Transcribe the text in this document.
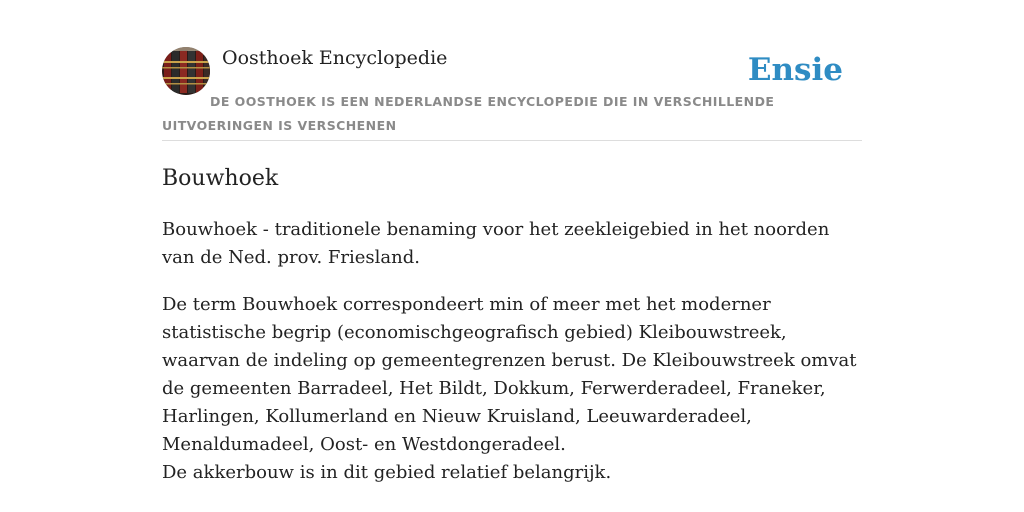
Oosthoek Encyclopedie	Ensie
DE OOSTHOEK IS EEN NEDERLANDSE ENCYCLOPEDIE DIE IN VERSCHILLENDE UITVOERINGEN IS VERSCHENEN
Bouwhoek

Bouwhoek - traditionele benaming voor het zeekleigebied in het noorden van de Ned. prov. Friesland.

De term Bouwhoek correspondeert min of meer met het moderner statistische begrip (economischgeografisch gebied) Kleibouwstreek, waarvan de indeling op gemeentegrenzen berust. De Kleibouwstreek omvat de gemeenten Barradeel, Het Bildt, Dokkum, Ferwerderadeel, Franeker, Harlingen, Kollumerland en Nieuw Kruisland, Leeuwarderadeel, Menaldumadeel, Oost- en Westdongeradeel.

De akkerbouw is in dit gebied relatief belangrijk.
